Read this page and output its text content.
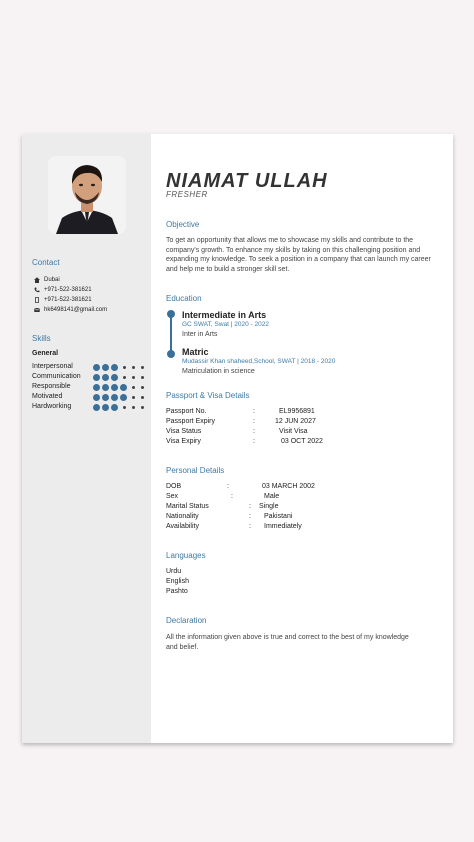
Contact
Dubai
+971-522-381621
+971-522-381621
hk6498141@gmail.com
Skills
General
Interpersonal
Communication
Responsible
Motivated
Hardworking
NIAMAT ULLAH
FRESHER
Objective
To get an opportunity that allows me to showcase my skills and contribute to the company's growth. To enhance my skills by taking on this challenging position and expanding my knowledge. To seek a position in a company that can launch my career and help me to build a stronger skill set.
Education
Intermediate in Arts
GC SWAT, Swat | 2020 - 2022
Inter in Arts
Matric
Mudassir Khan shaheed,School, SWAT | 2018 - 2020
Matriculation in science
Passport & Visa Details
Passport No.	:	EL9956891
Passport Expiry	:	12 JUN 2027
Visa Status	:	Visit Visa
Visa Expiry	:	03 OCT 2022
Personal Details
DOB	:	03 MARCH 2002
Sex	:	Male
Marital Status	: Single
Nationality	: Pakistani
Availability	: Immediately
Languages
Urdu
English
Pashto
Declaration
All the information given above is true and correct to the best of my knowledge and belief.
